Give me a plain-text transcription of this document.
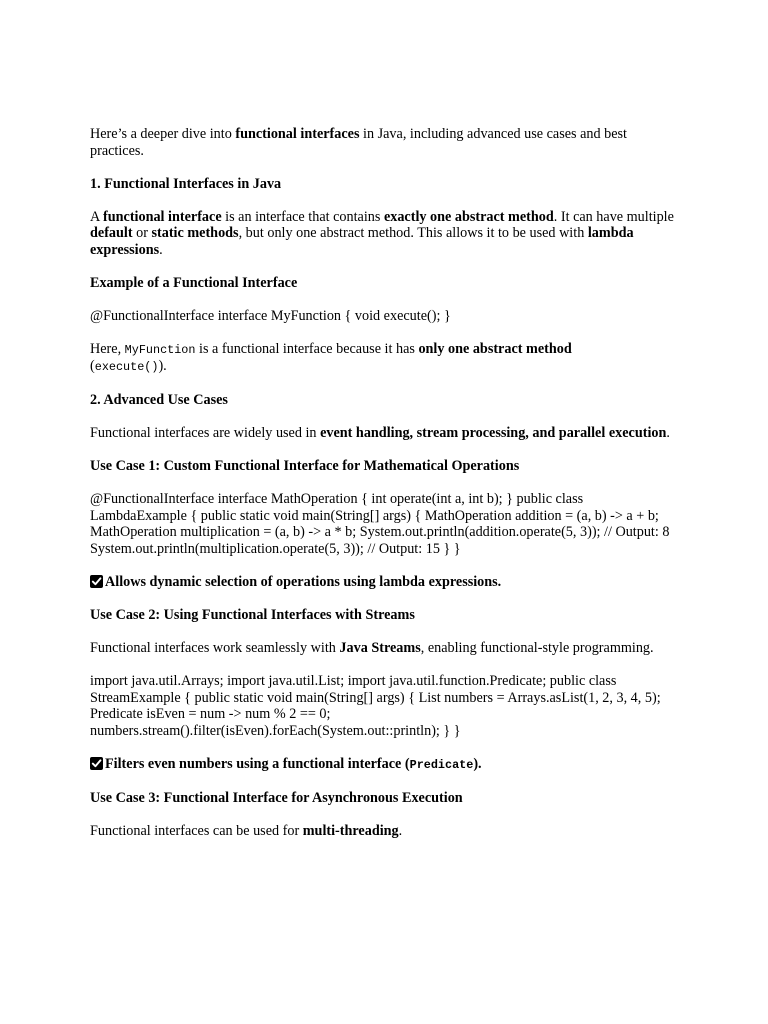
Here’s a deeper dive into functional interfaces in Java, including advanced use cases and best practices.

1. Functional Interfaces in Java

A functional interface is an interface that contains exactly one abstract method. It can have multiple default or static methods, but only one abstract method. This allows it to be used with lambda expressions.

Example of a Functional Interface

@FunctionalInterface interface MyFunction { void execute(); }

Here, MyFunction is a functional interface because it has only one abstract method
(execute()).

2. Advanced Use Cases

Functional interfaces are widely used in event handling, stream processing, and parallel execution.

Use Case 1: Custom Functional Interface for Mathematical Operations

@FunctionalInterface interface MathOperation { int operate(int a, int b); } public class LambdaExample { public static void main(String[] args) { MathOperation addition = (a, b) -> a + b; MathOperation multiplication = (a, b) -> a * b; System.out.println(addition.operate(5, 3)); // Output: 8 System.out.println(multiplication.operate(5, 3)); // Output: 15 } }

Allows dynamic selection of operations using lambda expressions.

Use Case 2: Using Functional Interfaces with Streams

Functional interfaces work seamlessly with Java Streams, enabling functional-style programming.

import java.util.Arrays; import java.util.List; import java.util.function.Predicate; public class StreamExample { public static void main(String[] args) { List numbers = Arrays.asList(1, 2, 3, 4, 5); Predicate isEven = num -> num % 2 == 0;
numbers.stream().filter(isEven).forEach(System.out::println); } }

Filters even numbers using a functional interface (Predicate).

Use Case 3: Functional Interface for Asynchronous Execution

Functional interfaces can be used for multi-threading.
